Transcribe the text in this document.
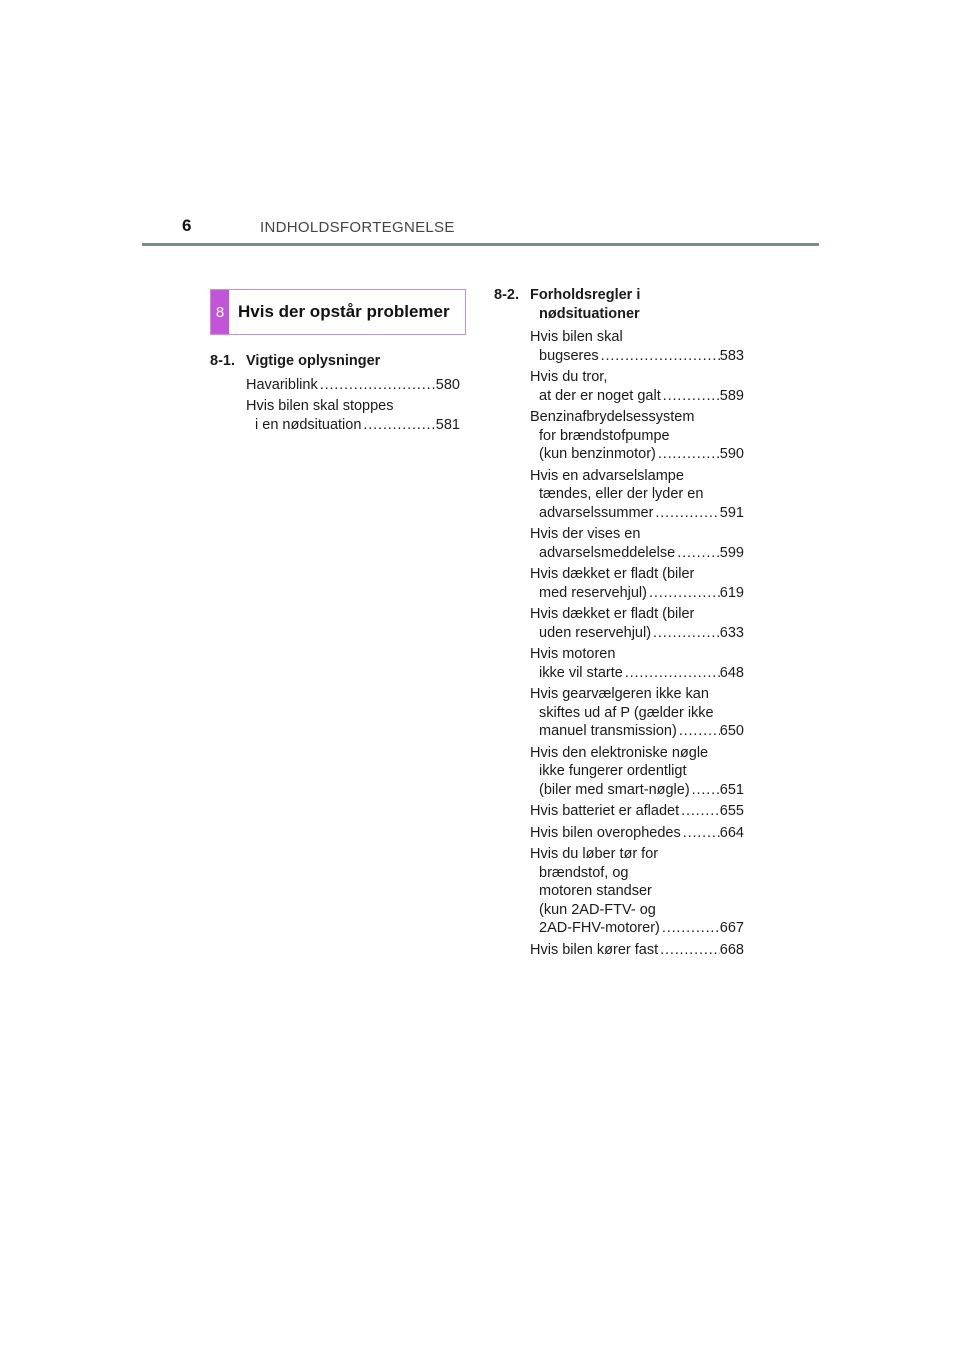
6	INDHOLDSFORTEGNELSE
8 Hvis der opstår problemer
8-1. Vigtige oplysninger
Havariblink . . .	580
Hvis bilen skal stoppes
i en nødsituation . . .	581
8-2. Forholdsregler i
nødsituationer
Hvis bilen skal
bugseres . . .	583
Hvis du tror,
at der er noget galt . . .	589
Benzinafbrydelsessystem
for brændstofpumpe
(kun benzinmotor) . . .	590
Hvis en advarselslampe
tændes, eller der lyder en
advarselssummer . . .	591
Hvis der vises en
advarselsmeddelelse . . .	599
Hvis dækket er fladt (biler
med reservehjul) . . .	619
Hvis dækket er fladt (biler
uden reservehjul) . . .	633
Hvis motoren
ikke vil starte . . .	648
Hvis gearvælgeren ikke kan
skiftes ud af P (gælder ikke
manuel transmission) . . .	650
Hvis den elektroniske nøgle
ikke fungerer ordentligt
(biler med smart-nøgle) . . . 651
Hvis batteriet er afladet . . .	655
Hvis bilen overophedes . . .	664
Hvis du løber tør for
brændstof, og
motoren standser
(kun 2AD-FTV- og
2AD-FHV-motorer) . . .	667
Hvis bilen kører fast . . .	668
